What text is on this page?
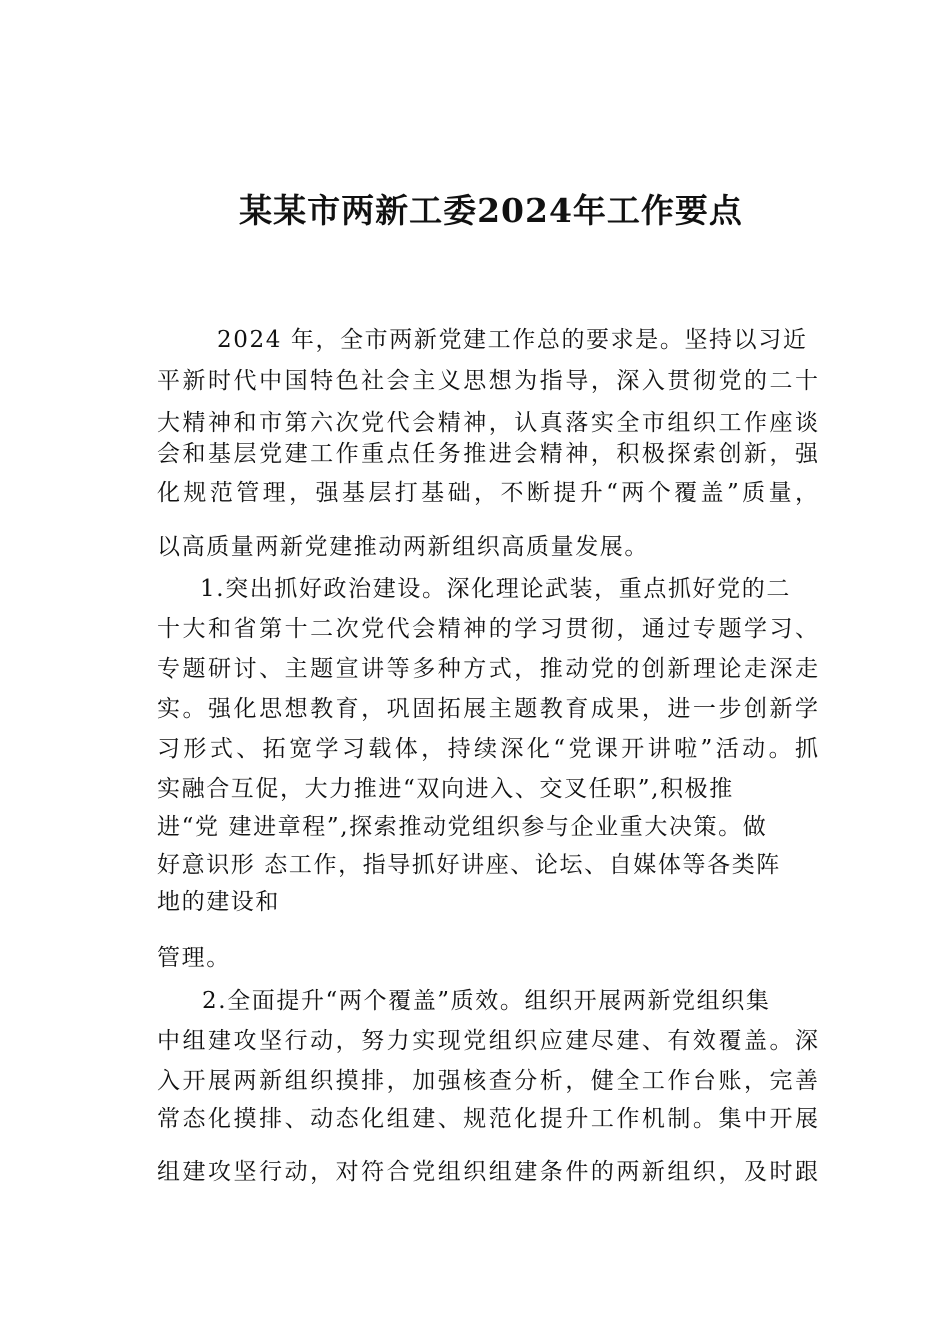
某某市两新工委2024年工作要点

2024 年，全市两新党建工作总的要求是。坚持以习近

平新时代中国特色社会主义思想为指导，深入贯彻党的二十

大精神和市第六次党代会精神，认真落实全市组织工作座谈

会和基层党建工作重点任务推进会精神，积极探索创新，强

化规范管理，强基层打基础，不断提升“两个覆盖”质量，

以高质量两新党建推动两新组织高质量发展。

1.突出抓好政治建设。深化理论武装，重点抓好党的二

十大和省第十二次党代会精神的学习贯彻，通过专题学习、

专题研讨、主题宣讲等多种方式，推动党的创新理论走深走

实。强化思想教育，巩固拓展主题教育成果，进一步创新学

习形式、拓宽学习载体，持续深化“党课开讲啦”活动。抓

实融合互促，大力推进“双向进入、交叉任职”,积极推

进“党 建进章程”,探索推动党组织参与企业重大决策。做

好意识形 态工作，指导抓好讲座、论坛、自媒体等各类阵

地的建设和

管理。

2.全面提升“两个覆盖”质效。组织开展两新党组织集

中组建攻坚行动，努力实现党组织应建尽建、有效覆盖。深

入开展两新组织摸排，加强核查分析，健全工作台账，完善

常态化摸排、动态化组建、规范化提升工作机制。集中开展

组建攻坚行动，对符合党组织组建条件的两新组织，及时跟
